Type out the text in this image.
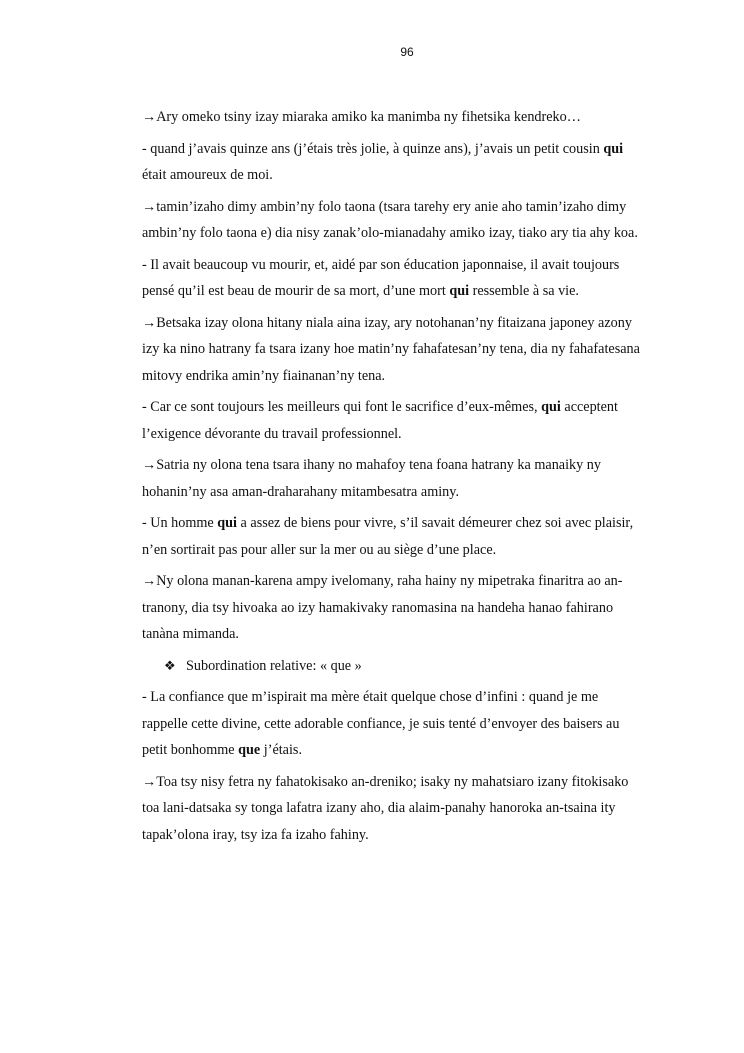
96

→Ary omeko tsiny izay miaraka amiko ka manimba ny fihetsika kendreko…

- quand j’avais quinze ans (j’étais très jolie, à quinze ans), j’avais un petit cousin qui
était amoureux de moi.

→tamin’izaho dimy ambin’ny folo taona (tsara tarehy ery anie aho tamin’izaho dimy
ambin’ny folo taona e) dia nisy zanak’olo-mianadahy amiko izay, tiako ary tia ahy koa.

- Il avait beaucoup vu mourir, et, aidé par son éducation japonnaise, il avait toujours
pensé qu’il est beau de mourir de sa mort, d’une mort qui ressemble à sa vie.

→Betsaka izay olona hitany niala aina izay, ary notohanan’ny fitaizana japoney azony
izy ka nino hatrany fa tsara izany hoe matin’ny fahafatesan’ny tena, dia ny fahafatesana
mitovy endrika amin’ny fiainanan’ny tena.

- Car ce sont toujours les meilleurs qui font le sacrifice d’eux-mêmes, qui acceptent
l’exigence dévorante du travail professionnel.

→Satria ny olona tena tsara ihany no mahafoy tena foana hatrany ka manaiky ny
hohanin’ny asa aman-draharahany mitambesatra aminy.

- Un homme qui a assez de biens pour vivre, s’il savait démeurer chez soi avec plaisir,
n’en sortirait pas pour aller sur la mer ou au siège d’une place.

→Ny olona manan-karena ampy ivelomany, raha hainy ny mipetraka finaritra ao an-
tranony, dia tsy hivoaka ao izy hamakivaky ranomasina na handeha hanao fahirano
tanàna mimanda.

❖ Subordination relative: « que »

- La confiance que m’ispirait ma mère était quelque chose d’infini : quand je me
rappelle cette divine, cette adorable confiance, je suis tenté d’envoyer des baisers au
petit bonhomme que j’étais.

→Toa tsy nisy fetra ny fahatokisako an-dreniko; isaky ny mahatsiaro izany fitokisako
toa lani-datsaka sy tonga lafatra izany aho, dia alaim-panahy hanoroka an-tsaina ity
tapak’olona iray, tsy iza fa izaho fahiny.
